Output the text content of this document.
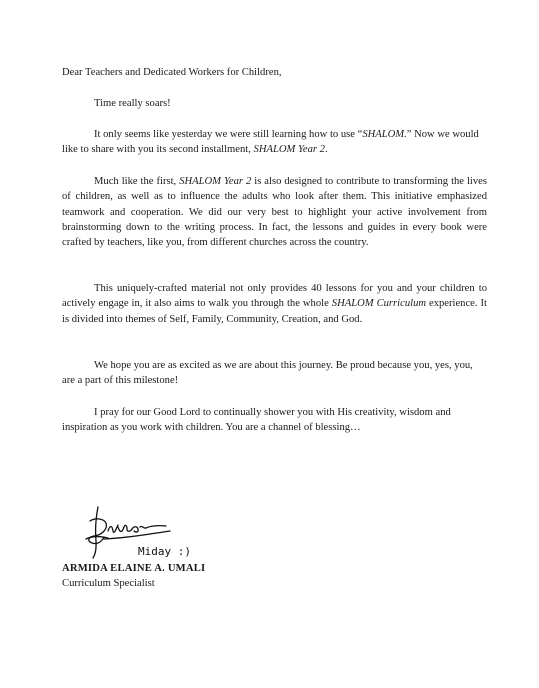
Dear Teachers and Dedicated Workers for Children,

Time really soars!

It only seems like yesterday we were still learning how to use “SHALOM.” Now we would like to share with you its second installment, SHALOM Year 2.

Much like the first, SHALOM Year 2 is also designed to contribute to transforming the lives of children, as well as to influence the adults who look after them. This initiative emphasized teamwork and cooperation. We did our very best to highlight your active involvement from brainstorming down to the writing process. In fact, the lessons and guides in every book were crafted by teachers, like you, from different churches across the country.

This uniquely-crafted material not only provides 40 lessons for you and your children to actively engage in, it also aims to walk you through the whole SHALOM Curriculum experience. It is divided into themes of Self, Family, Community, Creation, and God.

We hope you are as excited as we are about this journey. Be proud because you, yes, you, are a part of this milestone!

I pray for our Good Lord to continually shower you with His creativity, wisdom and inspiration as you work with children. You are a channel of blessing…

Miday :)

ARMIDA ELAINE A. UMALI

Curriculum Specialist
